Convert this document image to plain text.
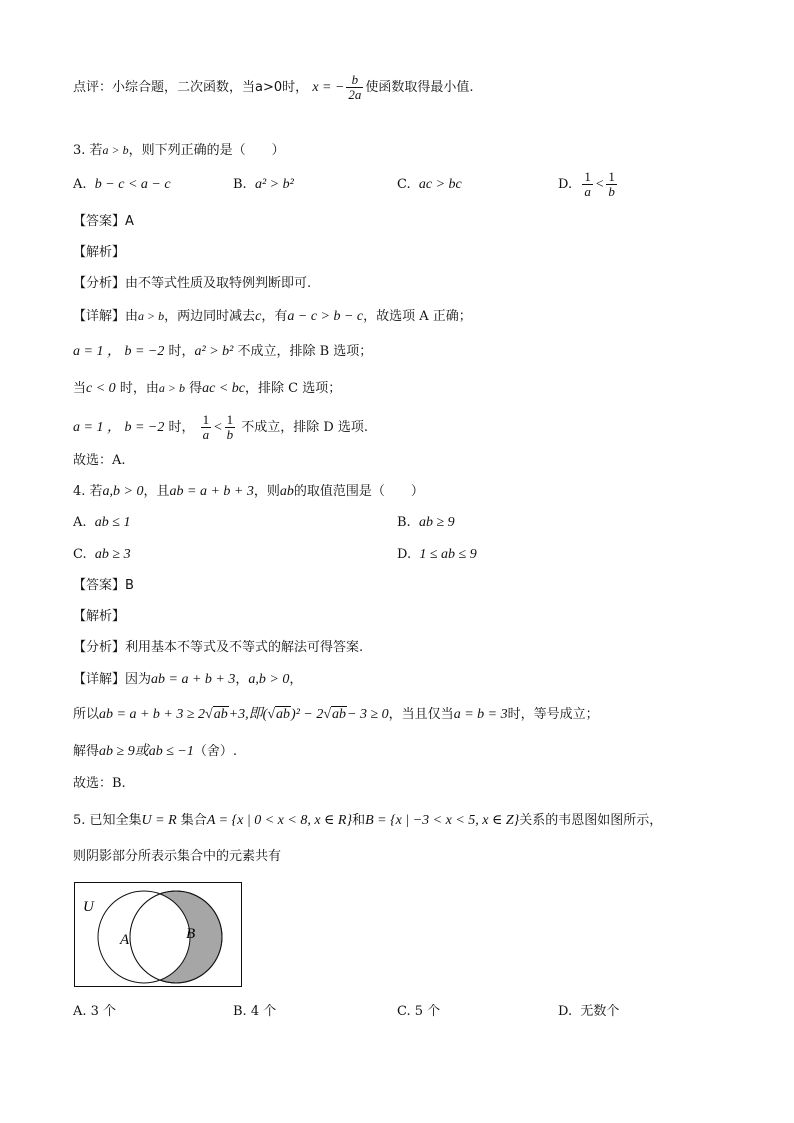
点评：小综合题，二次函数，当a>0时， x = − $\frac{b}{2a}$ 使函数取得最小值.
3. 若a > b，则下列正确的是（　　）
A. b − c < a − c	B. a² > b²	C. ac > bc	D. $\frac{1}{a} < \frac{1}{b}$
【答案】A
【解析】
【分析】由不等式性质及取特例判断即可.
【详解】由a > b，两边同时减去c，有a − c > b − c，故选项 A 正确；
a = 1 ， b = −2 时，a² > b² 不成立，排除 B 选项；
当c < 0 时，由a > b 得ac < bc，排除 C 选项；
a = 1 ， b = −2 时， $\frac{1}{a} < \frac{1}{b}$ 不成立，排除 D 选项.
故选：A.
4. 若a,b > 0，且ab = a + b + 3，则ab的取值范围是（　　）
A. ab ≤ 1	B. ab ≥ 9
C. ab ≥ 3	D. 1 ≤ ab ≤ 9
【答案】B
【解析】
【分析】利用基本不等式及不等式的解法可得答案.
【详解】因为ab = a + b + 3，a,b > 0，
所以ab = a + b + 3 ≥ 2√ab+3,即(√ab)² − 2√ab− 3 ≥ 0，当且仅当a = b = 3时，等号成立；
解得ab ≥ 9或ab ≤ −1（舍）.
故选：B.
5. 已知全集U = R 集合A = {x | 0 < x < 8, x ∈ R}和B = {x | −3 < x < 5, x ∈ Z}关系的韦恩图如图所示，
则阴影部分所表示集合中的元素共有
U
A	B
A. 3 个	B. 4 个	C. 5 个	D. 无数个
